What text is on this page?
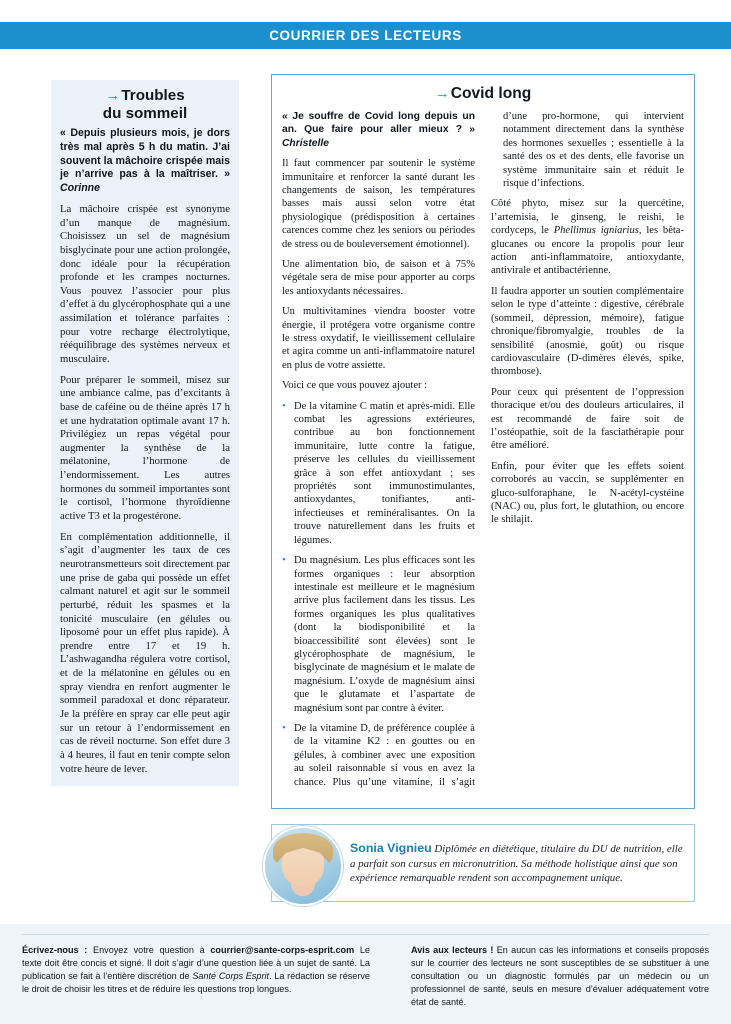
COURRIER DES LECTEURS
→Troubles
du sommeil

« Depuis plusieurs mois, je dors très mal après 5 h du matin. J’ai souvent la mâchoire crispée mais je n’arrive pas à la maîtriser. » Corinne

La mâchoire crispée est synonyme d’un manque de magnésium. Choisissez un sel de magnésium bisglycinate pour une action prolongée, donc idéale pour la récupération profonde et les crampes nocturnes. Vous pouvez l’associer pour plus d’effet à du glycérophosphate qui a une assimilation et tolérance parfaites : pour votre recharge électrolytique, rééquilibrage des systèmes nerveux et musculaire.

Pour préparer le sommeil, misez sur une ambiance calme, pas d’excitants à base de caféine ou de théine après 17 h et une hydratation optimale avant 17 h. Privilégiez un repas végétal pour augmenter la synthèse de la mélatonine, l’hormone de l’endormissement. Les autres hormones du sommeil importantes sont le cortisol, l’hormone thyroïdienne active T3 et la progestérone.

En complémentation additionnelle, il s’agit d’augmenter les taux de ces neurotransmetteurs soit directement par une prise de gaba qui possède un effet calmant naturel et agit sur le sommeil perturbé, réduit les spasmes et la tonicité musculaire (en gélules ou liposomé pour un effet plus rapide). À prendre entre 17 et 19 h. L’ashwagandha régulera votre cortisol, et de la mélatonine en gélules ou en spray viendra en renfort augmenter le sommeil paradoxal et donc réparateur. Je la préfère en spray car elle peut agir sur un retour à l’endormissement en cas de réveil nocturne. Son effet dure 3 à 4 heures, il faut en tenir compte selon votre heure de lever.

→Covid long

« Je souffre de Covid long depuis un an. Que faire pour aller mieux ? » Christelle

Il faut commencer par soutenir le système immunitaire et renforcer la santé durant les changements de saison, les températures basses mais aussi selon votre état physiologique (prédisposition à certaines carences comme chez les seniors ou périodes de stress ou de bouleversement émotionnel).

Une alimentation bio, de saison et à 75% végétale sera de mise pour apporter au corps les antioxydants nécessaires.

Un multivitamines viendra booster votre énergie, il protégera votre organisme contre le stress oxydatif, le vieillissement cellulaire et agira comme un anti-inflammatoire naturel en plus de votre assiette.

Voici ce que vous pouvez ajouter :

• De la vitamine C matin et après-midi. Elle combat les agressions extérieures, contribue au bon fonctionnement immunitaire, lutte contre la fatigue, préserve les cellules du vieillissement grâce à son effet antioxydant ; ses propriétés sont immunostimulantes, antioxydantes, tonifiantes, anti-infectieuses et reminéralisantes. On la trouve naturellement dans les fruits et légumes.

• Du magnésium. Les plus efficaces sont les formes organiques : leur absorption intestinale est meilleure et le magnésium arrive plus facilement dans les tissus. Les formes organiques les plus qualitatives (dont la biodisponibilité et la bioaccessibilité sont élevées) sont le glycérophosphate de magnésium, le bisglycinate de magnésium et le malate de magnésium. L’oxyde de magnésium ainsi que le glutamate et l’aspartate de magnésium sont par contre à éviter.

• De la vitamine D, de préférence couplée à de la vitamine K2 : en gouttes ou en gélules, à combiner avec une exposition au soleil raisonnable si vous en avez la chance. Plus qu’une vitamine, il s’agit d’une pro-hormone, qui intervient notamment directement dans la synthèse des hormones sexuelles ; essentielle à la santé des os et des dents, elle favorise un système immunitaire sain et réduit le risque d’infections.

Côté phyto, misez sur la quercétine, l’artemisia, le ginseng, le reishi, le cordyceps, le Phellimus igniarius, les bêta-glucanes ou encore la propolis pour leur action anti-inflammatoire, antioxydante, antivirale et antibactérienne.

Il faudra apporter un soutien complémentaire selon le type d’atteinte : digestive, cérébrale (sommeil, dépression, mémoire), fatigue chronique/fibromyalgie, troubles de la sensibilité (anosmie, goût) ou risque cardiovasculaire (D-dimères élevés, spike, thrombose).

Pour ceux qui présentent de l’oppression thoracique et/ou des douleurs articulaires, il est recommandé de faire soit de l’ostéopathie, soit de la fasciathérapie pour être amélioré.

Enfin, pour éviter que les effets soient corroborés au vaccin, se supplémenter en gluco-sulforaphane, le N-acétyl-cystéine (NAC) ou, plus fort, le glutathion, ou encore le shilajit.

Sonia Vignieu Diplômée en diététique, titulaire du DU de nutrition, elle a parfait son cursus en micronutrition. Sa méthode holistique ainsi que son expérience remarquable rendent son accompagnement unique.
Écrivez-nous : Envoyez votre question à courrier@sante-corps-esprit.com Le texte doit être concis et signé. Il doit s’agir d’une question liée à un sujet de santé. La publication se fait à l’entière discrétion de Santé Corps Esprit. La rédaction se réserve le droit de choisir les titres et de réduire les questions trop longues.
Avis aux lecteurs ! En aucun cas les informations et conseils proposés sur le courrier des lecteurs ne sont susceptibles de se substituer à une consultation ou un diagnostic formulés par un médecin ou un professionnel de santé, seuls en mesure d’évaluer adéquatement votre état de santé.
